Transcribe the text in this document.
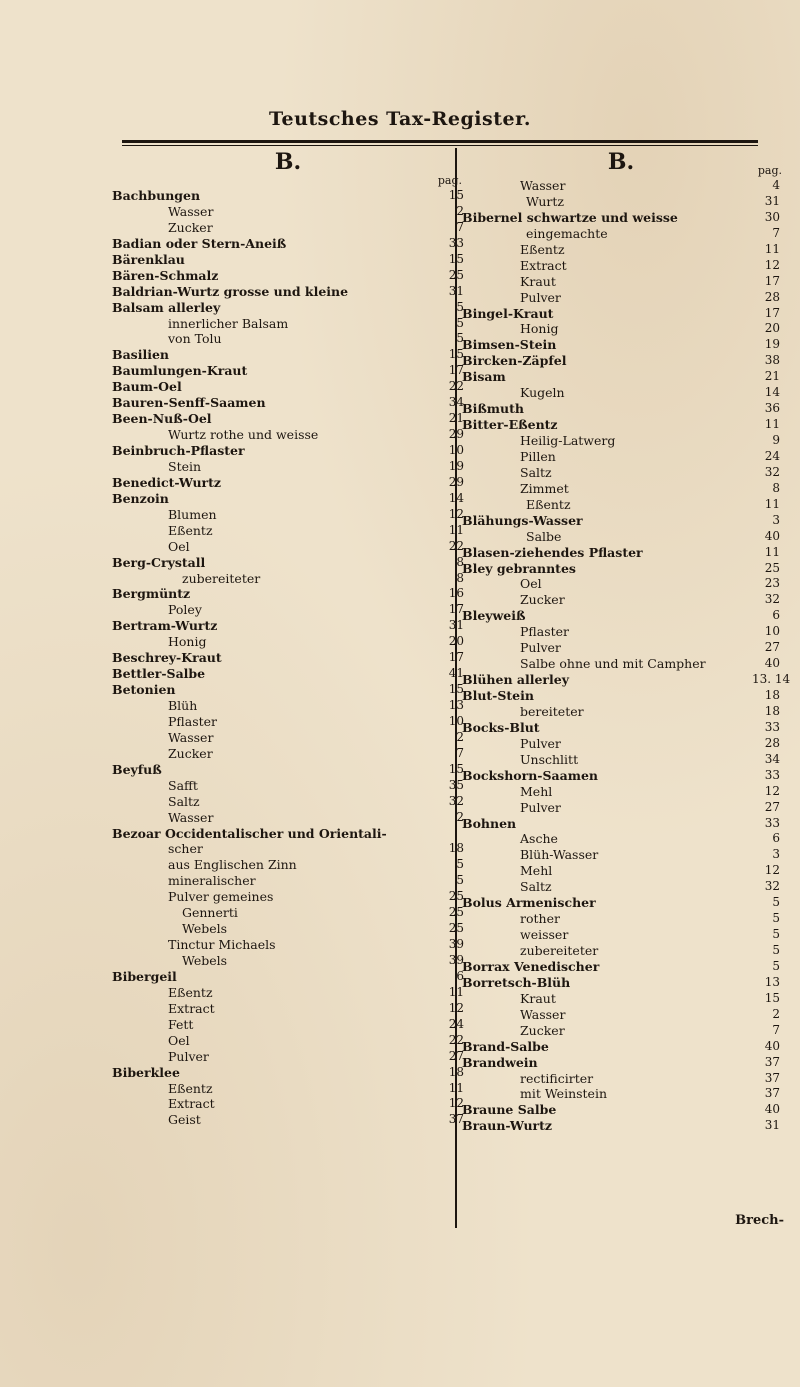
Teutsches Tax-Register.
B.
pag.
Bachbungen	15
Wasser	2
Zucker	7
Badian oder Stern-Aneiß	33
Bärenklau	15
Bären-Schmalz	25
Baldrian-Wurtz grosse und kleine	31
Balsam allerley	5
innerlicher Balsam	5
von Tolu	5
Basilien	15
Baumlungen-Kraut	17
Baum-Oel	22
Bauren-Senff-Saamen	34
Been-Nuß-Oel	21
Wurtz rothe und weisse	29
Beinbruch-Pflaster	10
Stein	19
Benedict-Wurtz	29
Benzoin	14
Blumen	12
Eßentz	11
Oel	22
Berg-Crystall	8
zubereiteter	8
Bergmüntz	16
Poley	17
Bertram-Wurtz	31
Honig	20
Beschrey-Kraut	17
Bettler-Salbe	41
Betonien	15
Blüh	13
Pflaster	10
Wasser	2
Zucker	7
Beyfuß	15
Safft	35
Saltz	32
Wasser	2
Bezoar Occidentalischer und Orientali-
scher	18
aus Englischen Zinn	5
mineralischer	5
Pulver gemeines	25
Gennerti	25
Webels	25
Tinctur Michaels	39
Webels	39
Bibergeil	6
Eßentz	11
Extract	12
Fett	24
Oel	22
Pulver	27
Biberklee	18
Eßentz	11
Extract	12
Geist	37
B.	pag.
Wasser	4
Wurtz	31
Bibernel schwartze und weisse	30
eingemachte	7
Eßentz	11
Extract	12
Kraut	17
Pulver	28
Bingel-Kraut	17
Honig	20
Bimsen-Stein	19
Bircken-Zäpfel	38
Bisam	21
Kugeln	14
Bißmuth	36
Bitter-Eßentz	11
Heilig-Latwerg	9
Pillen	24
Saltz	32
Zimmet	8
Eßentz	11
Blähungs-Wasser	3
Salbe	40
Blasen-ziehendes Pflaster	11
Bley gebranntes	25
Oel	23
Zucker	32
Bleyweiß	6
Pflaster	10
Pulver	27
Salbe ohne und mit Campher	40
Blühen allerley	13. 14
Blut-Stein	18
bereiteter	18
Bocks-Blut	33
Pulver	28
Unschlitt	34
Bockshorn-Saamen	33
Mehl	12
Pulver	27
Bohnen	33
Asche	6
Blüh-Wasser	3
Mehl	12
Saltz	32
Bolus Armenischer	5
rother	5
weisser	5
zubereiteter	5
Borrax Venedischer	5
Borretsch-Blüh	13
Kraut	15
Wasser	2
Zucker	7
Brand-Salbe	40
Brandwein	37
rectificirter	37
mit Weinstein	37
Braune Salbe	40
Braun-Wurtz	31
Brech-
